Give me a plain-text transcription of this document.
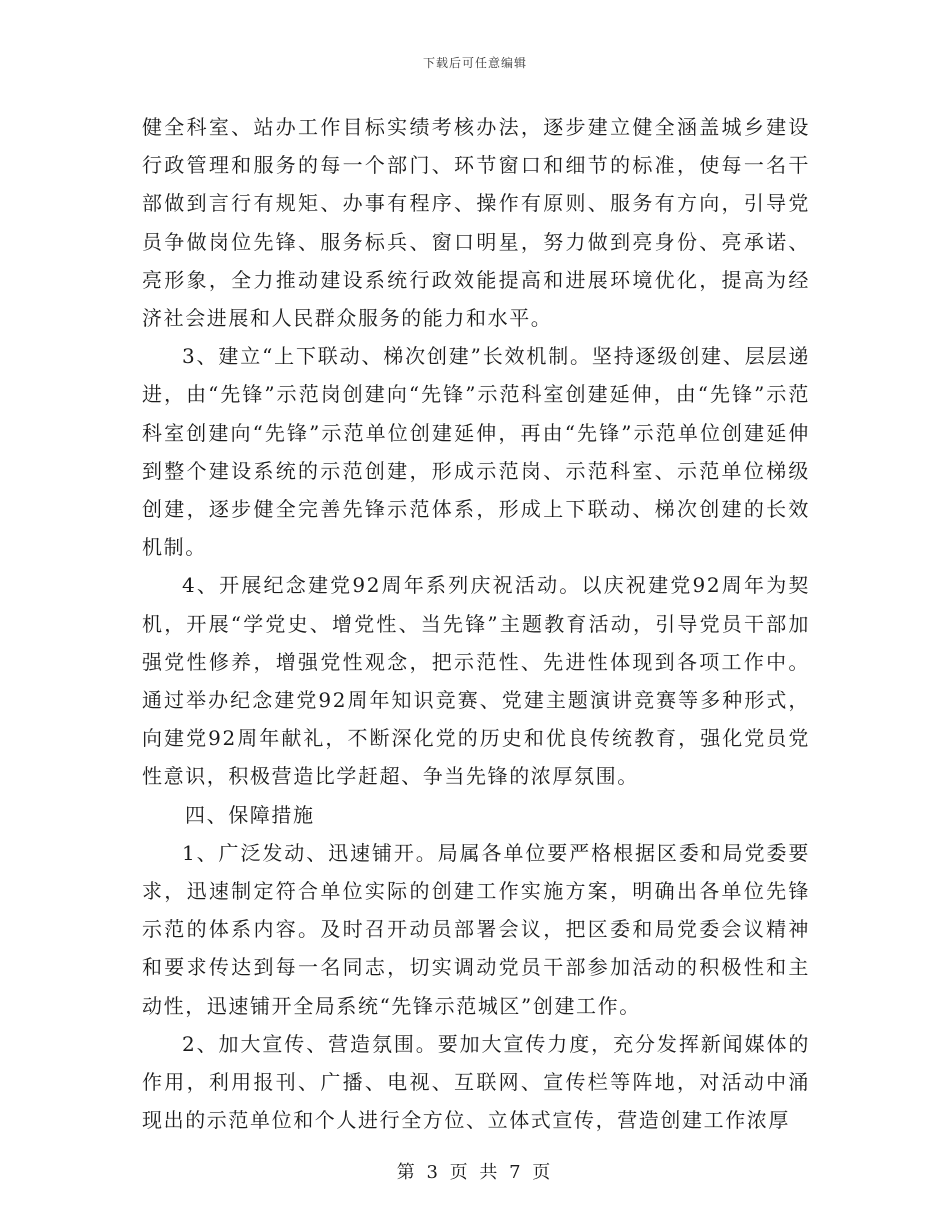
下载后可任意编辑

健全科室、站办工作目标实绩考核办法，逐步建立健全涵盖城乡建设行政管理和服务的每一个部门、环节窗口和细节的标准，使每一名干部做到言行有规矩、办事有程序、操作有原则、服务有方向，引导党员争做岗位先锋、服务标兵、窗口明星，努力做到亮身份、亮承诺、亮形象，全力推动建设系统行政效能提高和进展环境优化，提高为经济社会进展和人民群众服务的能力和水平。

3、建立“上下联动、梯次创建”长效机制。坚持逐级创建、层层递进，由“先锋”示范岗创建向“先锋”示范科室创建延伸，由“先锋”示范科室创建向“先锋”示范单位创建延伸，再由“先锋”示范单位创建延伸到整个建设系统的示范创建，形成示范岗、示范科室、示范单位梯级创建，逐步健全完善先锋示范体系，形成上下联动、梯次创建的长效机制。

4、开展纪念建党92周年系列庆祝活动。以庆祝建党92周年为契机，开展“学党史、增党性、当先锋”主题教育活动，引导党员干部加强党性修养，增强党性观念，把示范性、先进性体现到各项工作中。通过举办纪念建党92周年知识竞赛、党建主题演讲竞赛等多种形式，向建党92周年献礼，不断深化党的历史和优良传统教育，强化党员党性意识，积极营造比学赶超、争当先锋的浓厚氛围。

四、保障措施

1、广泛发动、迅速铺开。局属各单位要严格根据区委和局党委要求，迅速制定符合单位实际的创建工作实施方案，明确出各单位先锋示范的体系内容。及时召开动员部署会议，把区委和局党委会议精神和要求传达到每一名同志，切实调动党员干部参加活动的积极性和主动性，迅速铺开全局系统“先锋示范城区”创建工作。

2、加大宣传、营造氛围。要加大宣传力度，充分发挥新闻媒体的作用，利用报刊、广播、电视、互联网、宣传栏等阵地，对活动中涌现出的示范单位和个人进行全方位、立体式宣传，营造创建工作浓厚

第 3 页 共 7 页
